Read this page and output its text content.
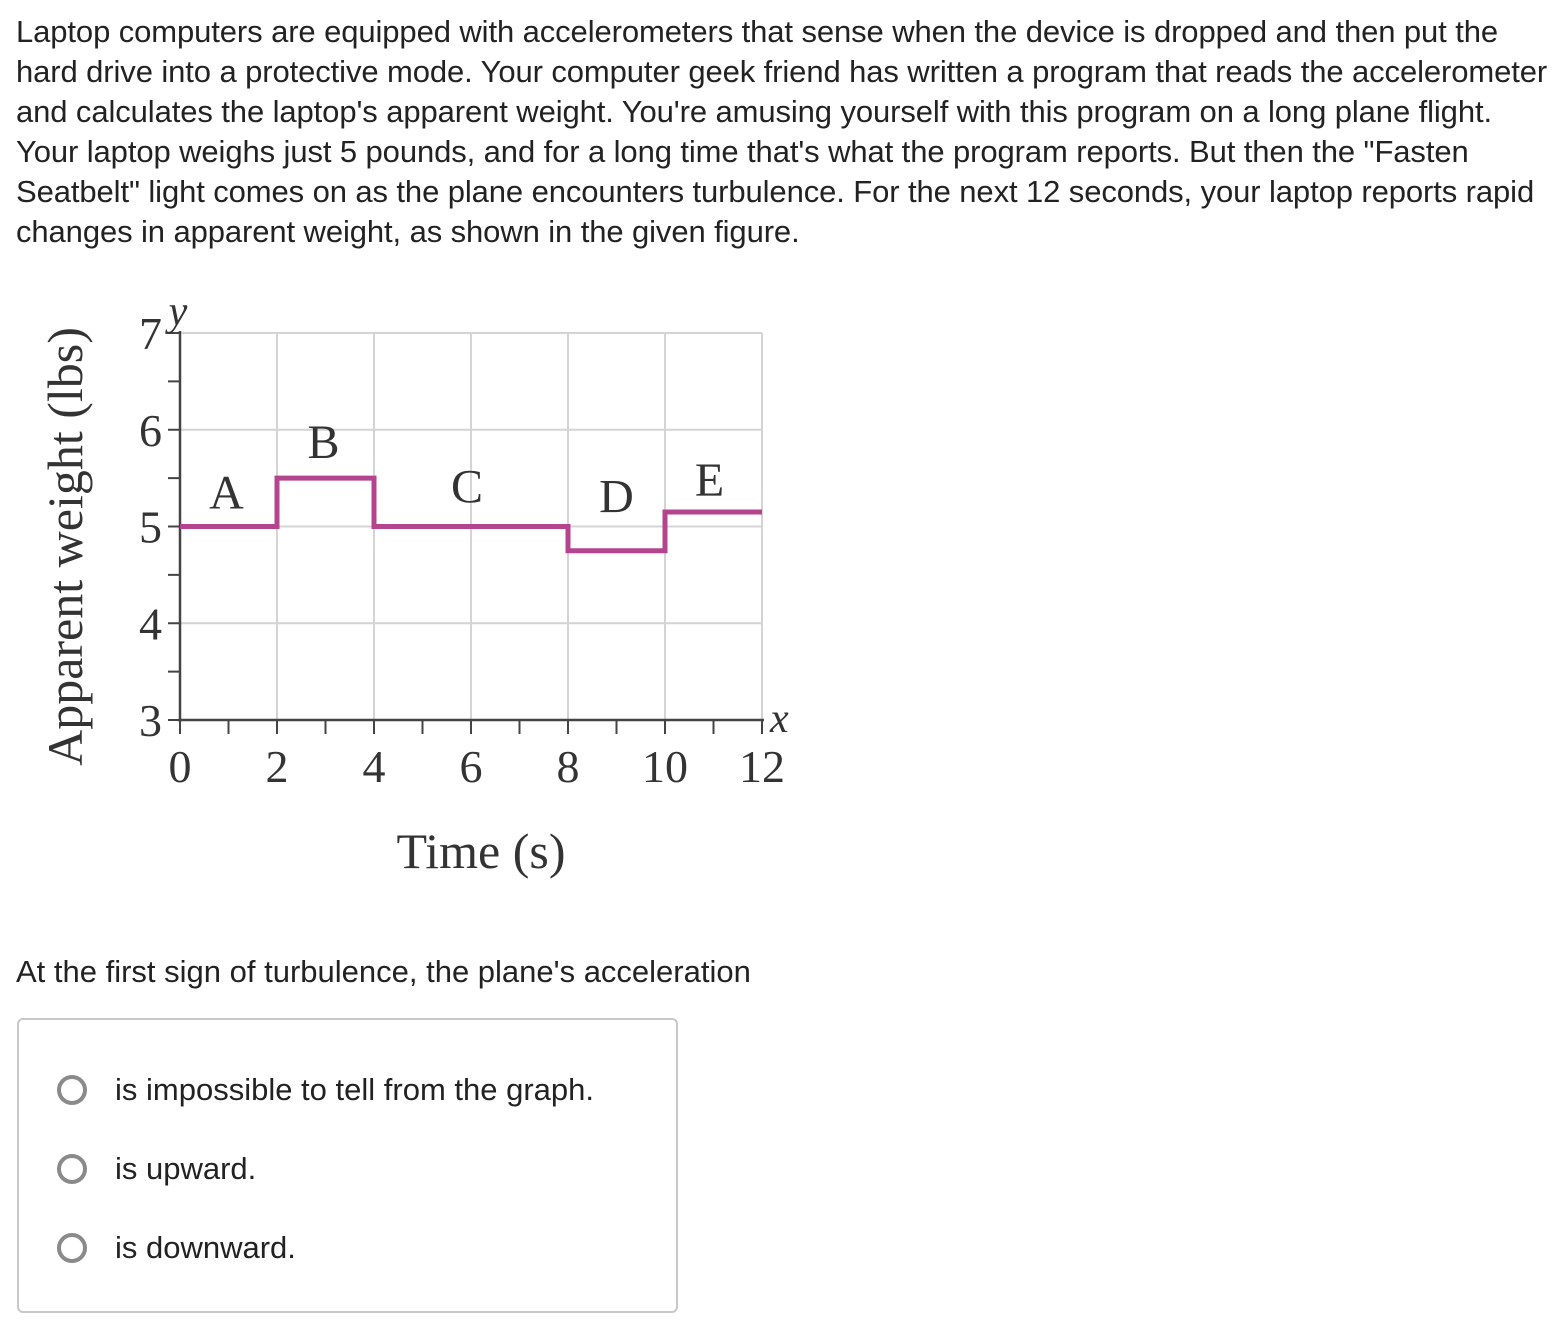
Laptop computers are equipped with accelerometers that sense when the device is dropped and then put the hard drive into a protective mode. Your computer geek friend has written a program that reads the accelerometer and calculates the laptop's apparent weight. You're amusing yourself with this program on a long plane flight. Your laptop weighs just 5 pounds, and for a long time that's what the program reports. But then the "Fasten Seatbelt" light comes on as the plane encounters turbulence. For the next 12 seconds, your laptop reports rapid changes in apparent weight, as shown in the given figure.

0 2 4 6 8 10 12
3
4
5
6
7 y
x
Time (s)
Apparent weight (lbs) A
B
C D E

At the first sign of turbulence, the plane's acceleration

is impossible to tell from the graph.
is upward.
is downward.
